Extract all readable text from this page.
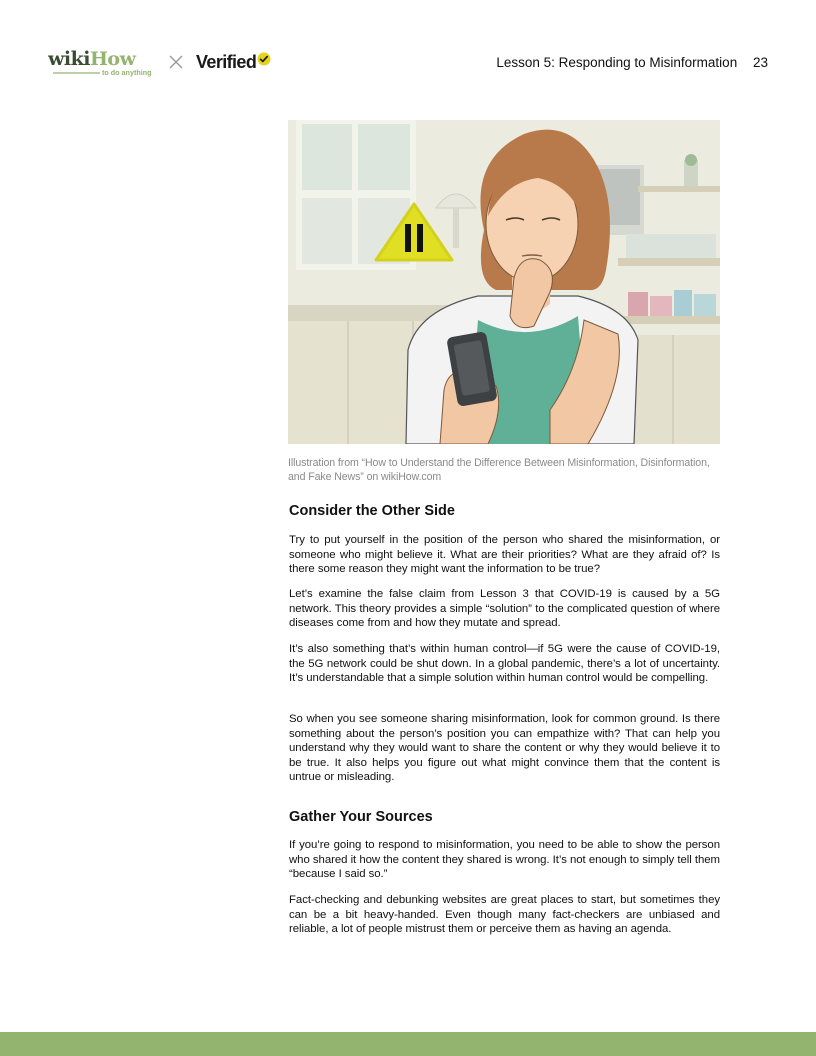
wikiHow
to do anything
Verified	Lesson 5: Responding to Misinformation 23
Illustration from “How to Understand the Difference Between Misinformation, Disinformation, and Fake News” on wikiHow.com
Consider the Other Side

Try to put yourself in the position of the person who shared the misinformation, or someone who might believe it. What are their priorities? What are they afraid of? Is there some reason they might want the information to be true?

Let’s examine the false claim from Lesson 3 that COVID-19 is caused by a 5G network. This theory provides a simple “solution” to the complicated question of where diseases come from and how they mutate and spread.

It’s also something that’s within human control—if 5G were the cause of COVID-19, the 5G network could be shut down. In a global pandemic, there’s a lot of uncertainty. It’s understandable that a simple solution within human control would be compelling.

So when you see someone sharing misinformation, look for common ground. Is there something about the person’s position you can empathize with? That can help you understand why they would want to share the content or why they would believe it to be true. It also helps you figure out what might convince them that the content is untrue or misleading.

Gather Your Sources

If you’re going to respond to misinformation, you need to be able to show the person who shared it how the content they shared is wrong. It’s not enough to simply tell them “because I said so.”

Fact-checking and debunking websites are great places to start, but sometimes they can be a bit heavy-handed. Even though many fact-checkers are unbiased and reliable, a lot of people mistrust them or perceive them as having an agenda.
